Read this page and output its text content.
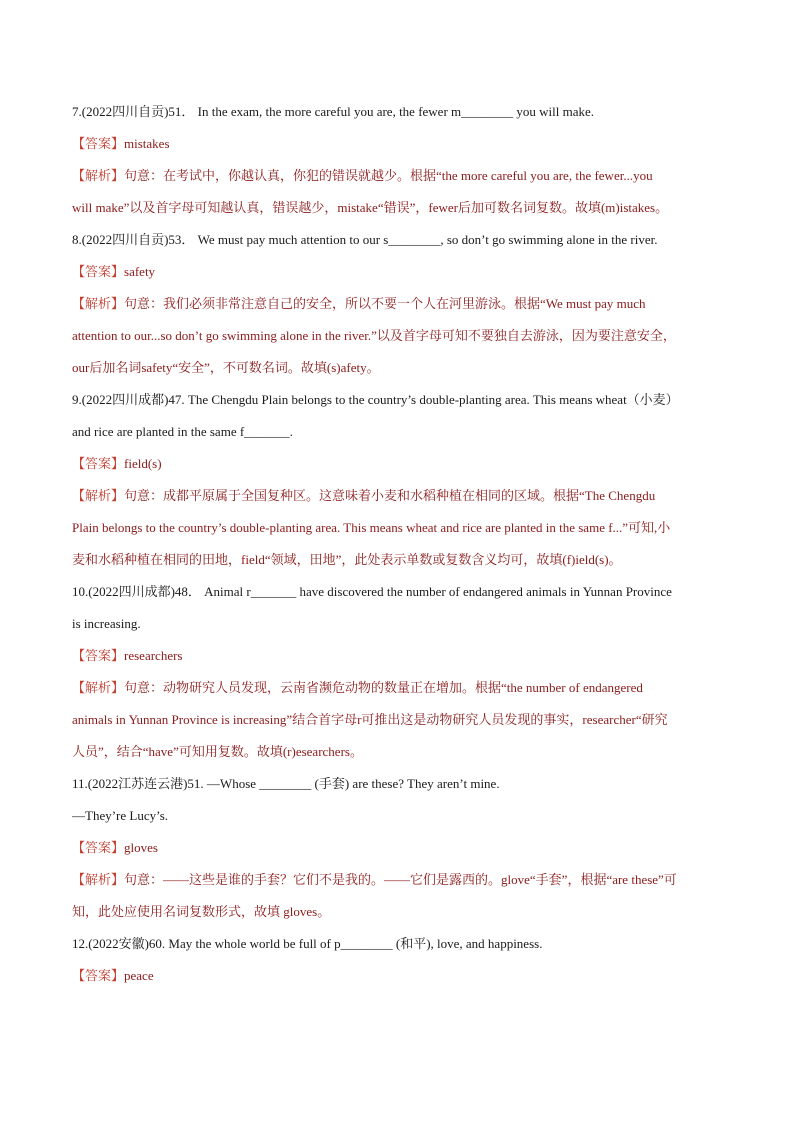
7.(2022四川自贡)51． In the exam, the more careful you are, the fewer m________ you will make.
【答案】mistakes
【解析】句意：在考试中，你越认真，你犯的错误就越少。根据“the more careful you are, the fewer...you
will make”以及首字母可知越认真，错误越少，mistake“错误”，fewer后加可数名词复数。故填(m)istakes。
8.(2022四川自贡)53． We must pay much attention to our s________, so don’t go swimming alone in the river.
【答案】safety
【解析】句意：我们必须非常注意自己的安全，所以不要一个人在河里游泳。根据“We must pay much
attention to our...so don’t go swimming alone in the river.”以及首字母可知不要独自去游泳，因为要注意安全，
our后加名词safety“安全”，不可数名词。故填(s)afety。
9.(2022四川成都)47. The Chengdu Plain belongs to the country’s double-planting area. This means wheat（小麦）
and rice are planted in the same f_______.
【答案】field(s)
【解析】句意：成都平原属于全国复种区。这意味着小麦和水稻种植在相同的区域。根据“The Chengdu
Plain belongs to the country’s double-planting area. This means wheat and rice are planted in the same f...”可知,小
麦和水稻种植在相同的田地，field“领域，田地”，此处表示单数或复数含义均可，故填(f)ield(s)。
10.(2022四川成都)48． Animal r_______ have discovered the number of endangered animals in Yunnan Province
is increasing.
【答案】researchers
【解析】句意：动物研究人员发现，云南省濒危动物的数量正在增加。根据“the number of endangered
animals in Yunnan Province is increasing”结合首字母r可推出这是动物研究人员发现的事实，researcher“研究
人员”，结合“have”可知用复数。故填(r)esearchers。
11.(2022江苏连云港)51. —Whose ________ (手套) are these? They aren’t mine.
—They’re Lucy’s.
【答案】gloves
【解析】句意：——这些是谁的手套？它们不是我的。——它们是露西的。glove“手套”，根据“are these”可
知，此处应使用名词复数形式，故填 gloves。
12.(2022安徽)60. May the whole world be full of p________ (和平), love, and happiness.
【答案】peace
